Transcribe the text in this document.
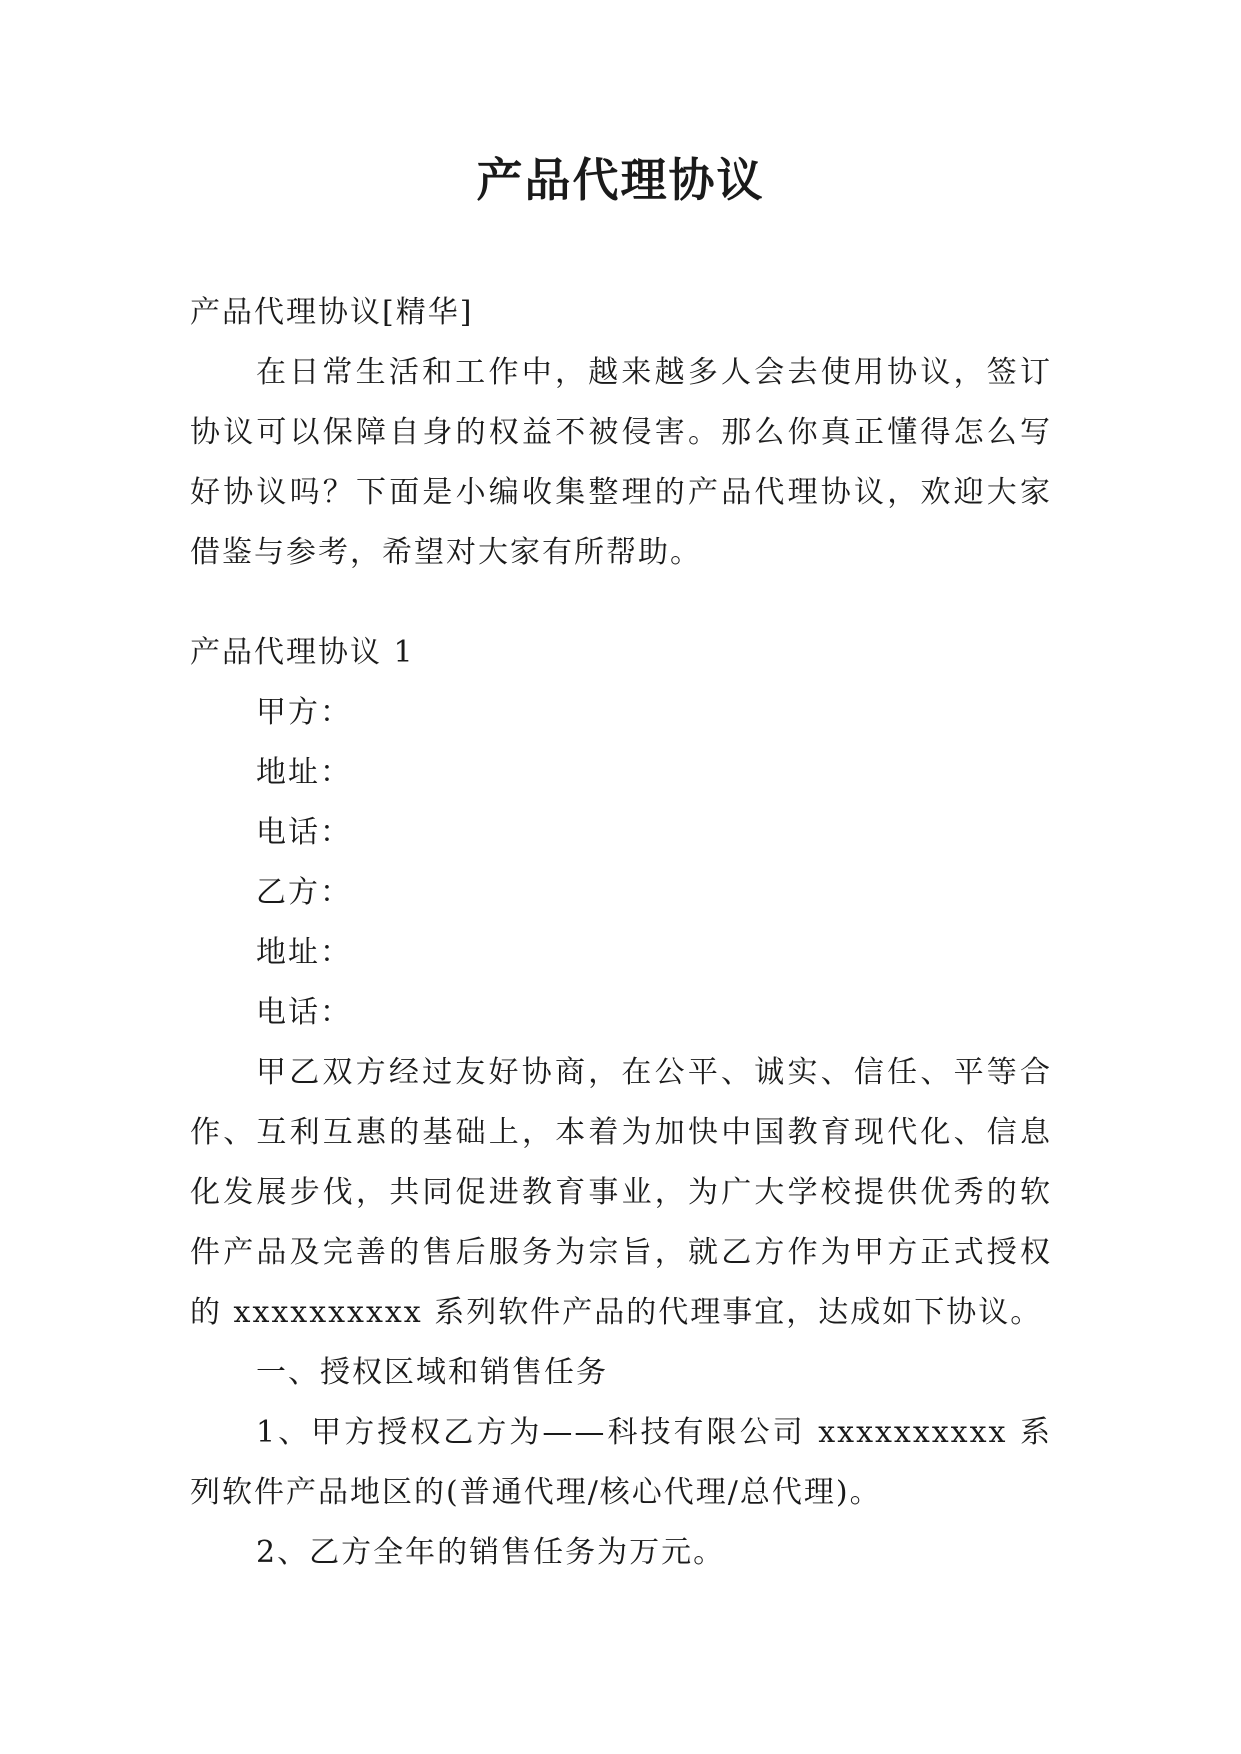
产品代理协议

产品代理协议[精华]

在日常生活和工作中，越来越多人会去使用协议，签订协议可以保障自身的权益不被侵害。那么你真正懂得怎么写好协议吗？下面是小编收集整理的产品代理协议，欢迎大家借鉴与参考，希望对大家有所帮助。

产品代理协议 1

甲方：

地址：

电话：

乙方：

地址：

电话：

甲乙双方经过友好协商，在公平、诚实、信任、平等合作、互利互惠的基础上，本着为加快中国教育现代化、信息化发展步伐，共同促进教育事业，为广大学校提供优秀的软件产品及完善的售后服务为宗旨，就乙方作为甲方正式授权的 xxxxxxxxxx 系列软件产品的代理事宜，达成如下协议。

一、授权区域和销售任务

1、甲方授权乙方为——科技有限公司 xxxxxxxxxx 系列软件产品地区的(普通代理/核心代理/总代理)。

2、乙方全年的销售任务为万元。
